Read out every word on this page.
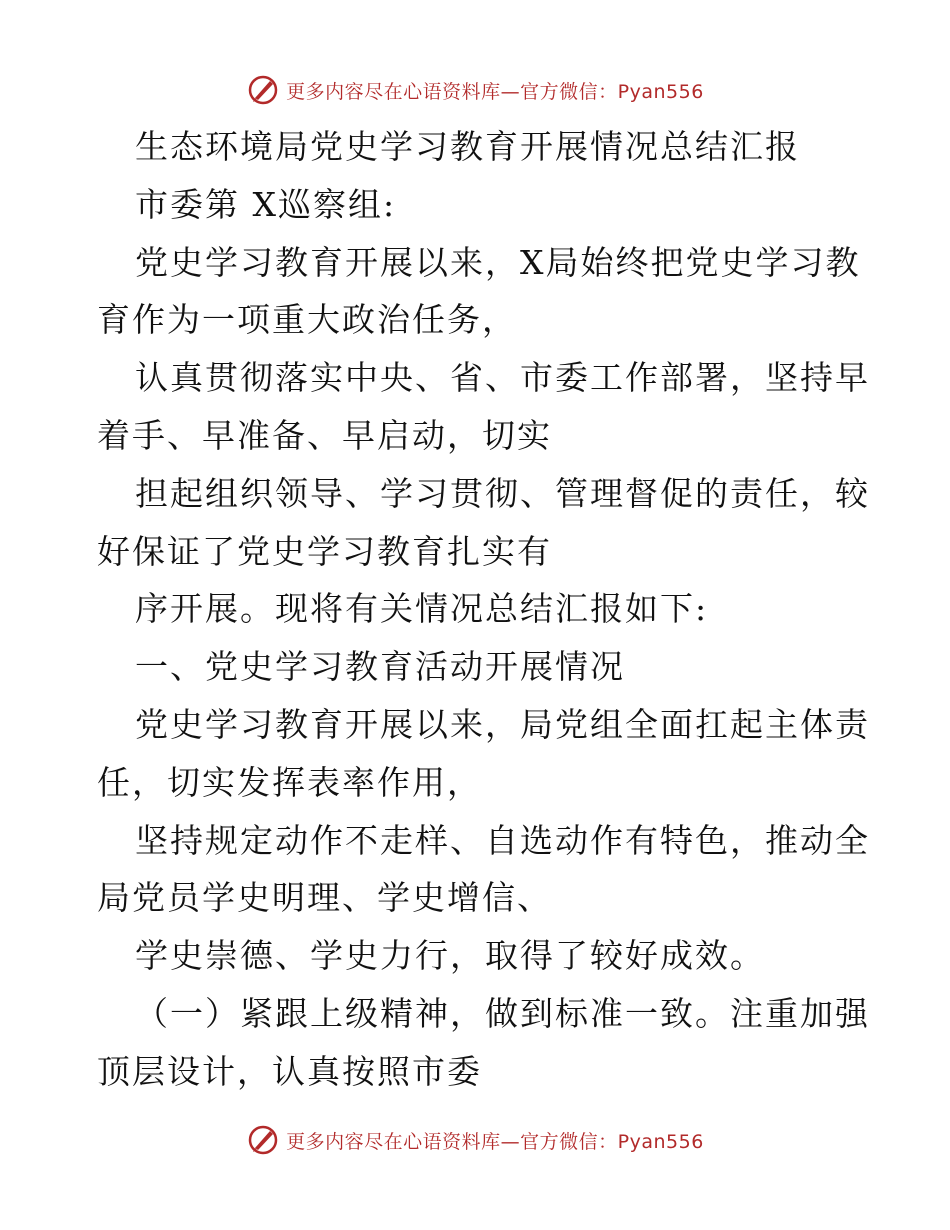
更多内容尽在心语资料库—官方微信：Pyan556
生态环境局党史学习教育开展情况总结汇报
市委第 X巡察组:
党史学习教育开展以来，X局始终把党史学习教
育作为一项重大政治任务，
认真贯彻落实中央、省、市委工作部署，坚持早
着手、早准备、早启动，切实
担起组织领导、学习贯彻、管理督促的责任，较
好保证了党史学习教育扎实有
序开展。现将有关情况总结汇报如下:
一、党史学习教育活动开展情况
党史学习教育开展以来，局党组全面扛起主体责
任，切实发挥表率作用，
坚持规定动作不走样、自选动作有特色，推动全
局党员学史明理、学史增信、
学史崇德、学史力行，取得了较好成效。
（一）紧跟上级精神，做到标准一致。注重加强
顶层设计，认真按照市委
更多内容尽在心语资料库—官方微信：Pyan556
